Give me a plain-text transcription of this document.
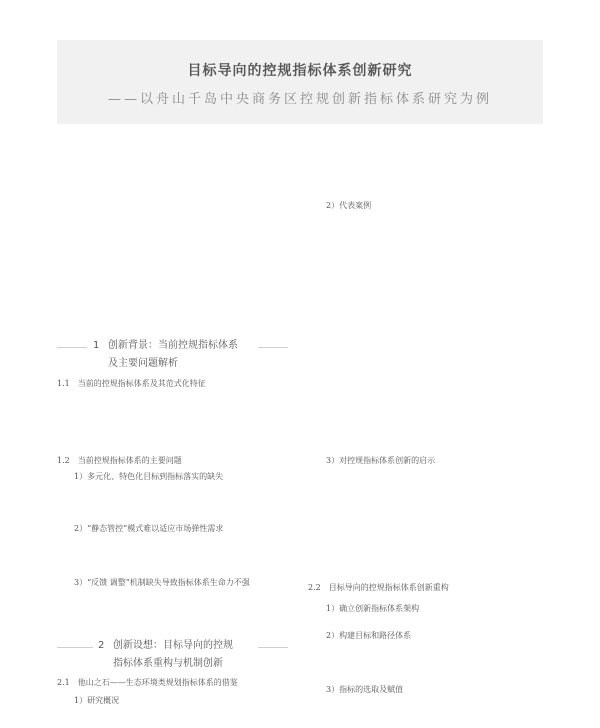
目标导向的控规指标体系创新研究
——以舟山千岛中央商务区控规创新指标体系研究为例
1 创新背景：当前控规指标体系
及主要问题解析
1.1　当前的控规指标体系及其范式化特征
1.2　当前控规指标体系的主要问题
1）多元化、特色化目标到指标落实的缺失
2）“静态管控”模式难以适应市场弹性需求
3）“反馈 调整”机制缺失导致指标体系生命力不强
2 创新设想：目标导向的控规
指标体系重构与机制创新
2.1　他山之石——生态环境类规划指标体系的借鉴
1）研究概况
2）代表案例
3）对控规指标体系创新的启示
2.2　目标导向的控规指标体系创新重构
1）确立创新指标体系架构
2）构建目标和路径体系
3）指标的选取及赋值
